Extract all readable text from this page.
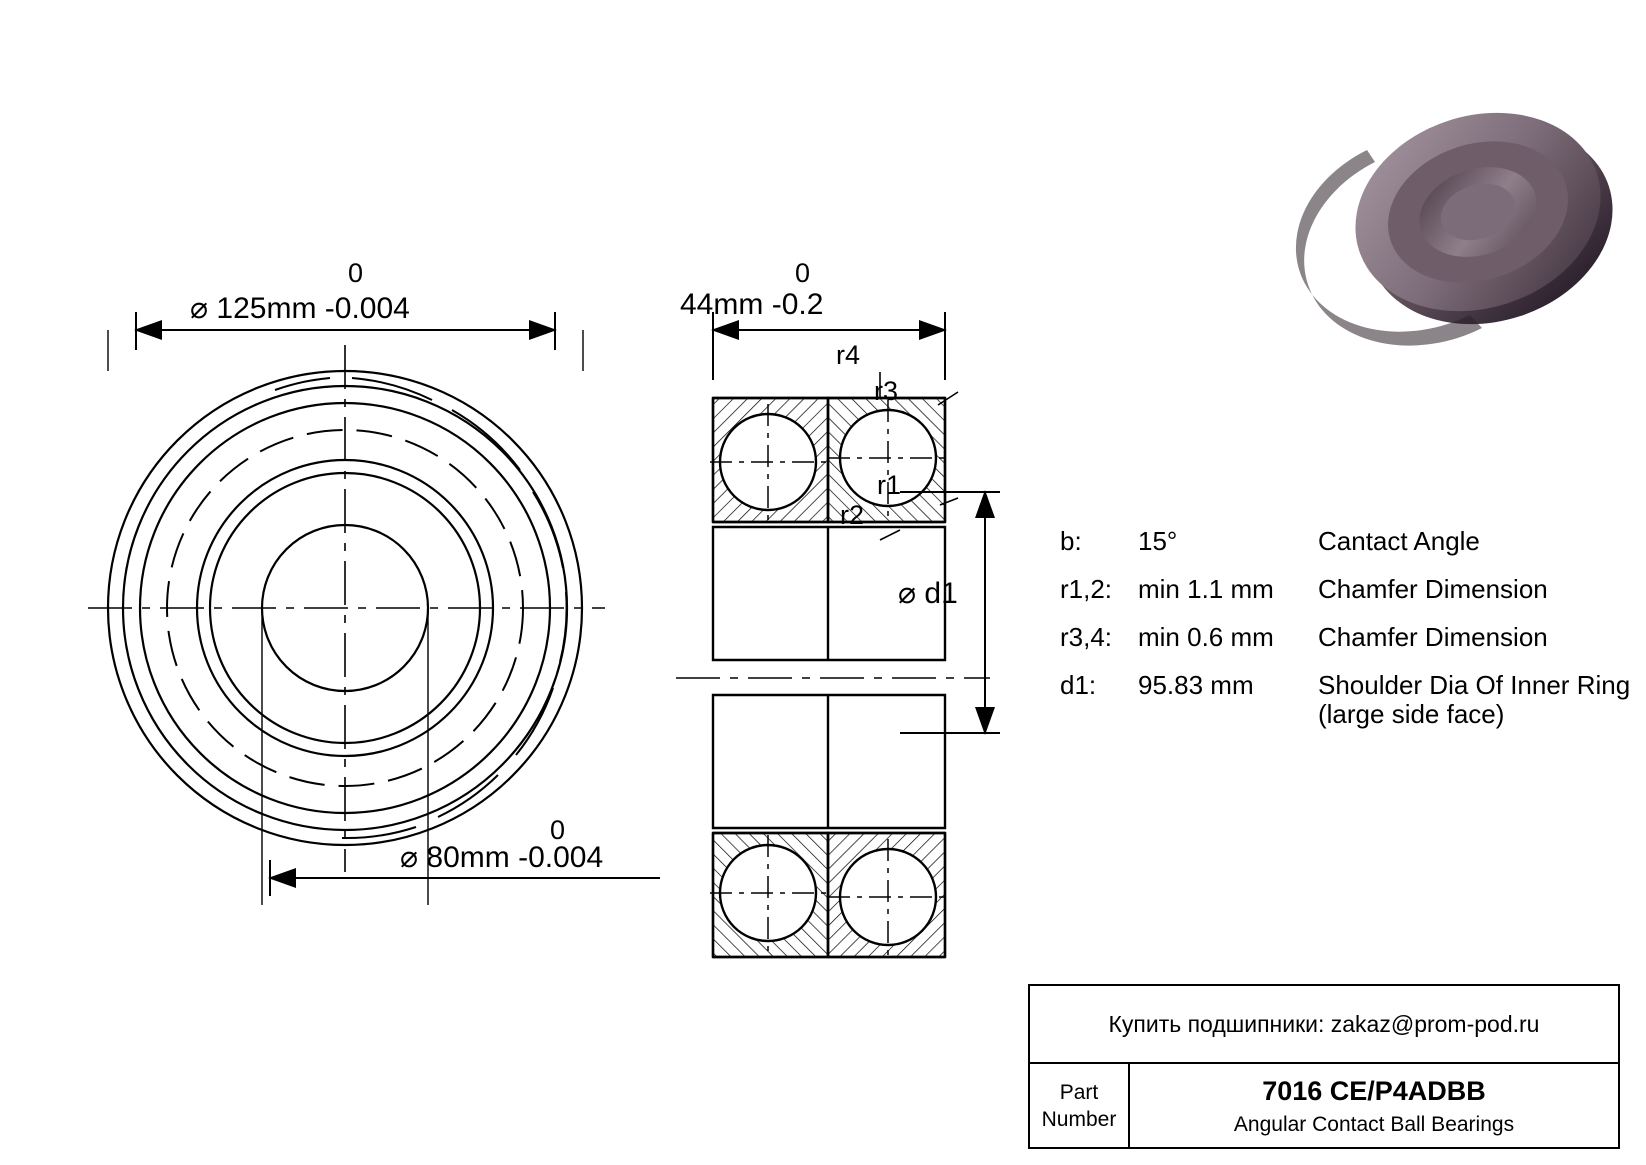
0
⌀ 125mm -0.004
0
⌀ 80mm -0.004
0
44mm -0.2
r4
r3
r1
r2
⌀ d1
b:	15°	Cantact Angle
r1,2: min 1.1 mm	Chamfer Dimension
r3,4: min 0.6 mm	Chamfer Dimension
d1:	95.83 mm	Shoulder Dia Of Inner Ring
(large side face)
Купить подшипники: zakaz@prom-pod.ru
Part
Number
7016 CE/P4ADBB
Angular Contact Ball Bearings
